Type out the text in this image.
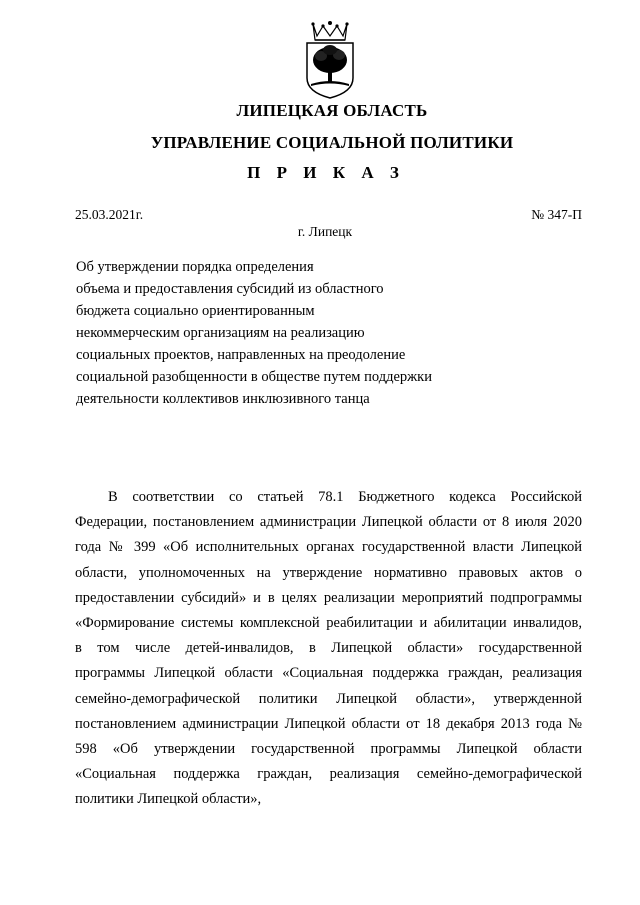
ЛИПЕЦКАЯ ОБЛАСТЬ
УПРАВЛЕНИЕ СОЦИАЛЬНОЙ ПОЛИТИКИ
П Р И К А З
25.03.2021г.	№ 347-П
г. Липецк
Об утверждении порядка определения
объема и предоставления субсидий из областного
бюджета социально ориентированным
некоммерческим организациям на реализацию
социальных проектов, направленных на преодоление
социальной разобщенности в обществе путем поддержки
деятельности коллективов инклюзивного танца
В соответствии со статьей 78.1 Бюджетного кодекса Российской
Федерации, постановлением администрации Липецкой области от 8 июля 2020
года № 399 «Об исполнительных органах государственной власти Липецкой
области, уполномоченных на утверждение нормативно правовых актов о
предоставлении субсидий» и в целях реализации мероприятий подпрограммы
«Формирование системы комплексной реабилитации и абилитации инвалидов,
в том числе детей-инвалидов, в Липецкой области» государственной
программы Липецкой области «Социальная поддержка граждан, реализация
семейно-демографической политики Липецкой области», утвержденной
постановлением администрации Липецкой области от 18 декабря 2013 года №
598 «Об утверждении государственной программы Липецкой области
«Социальная поддержка граждан, реализация семейно-демографической
политики Липецкой области»,
